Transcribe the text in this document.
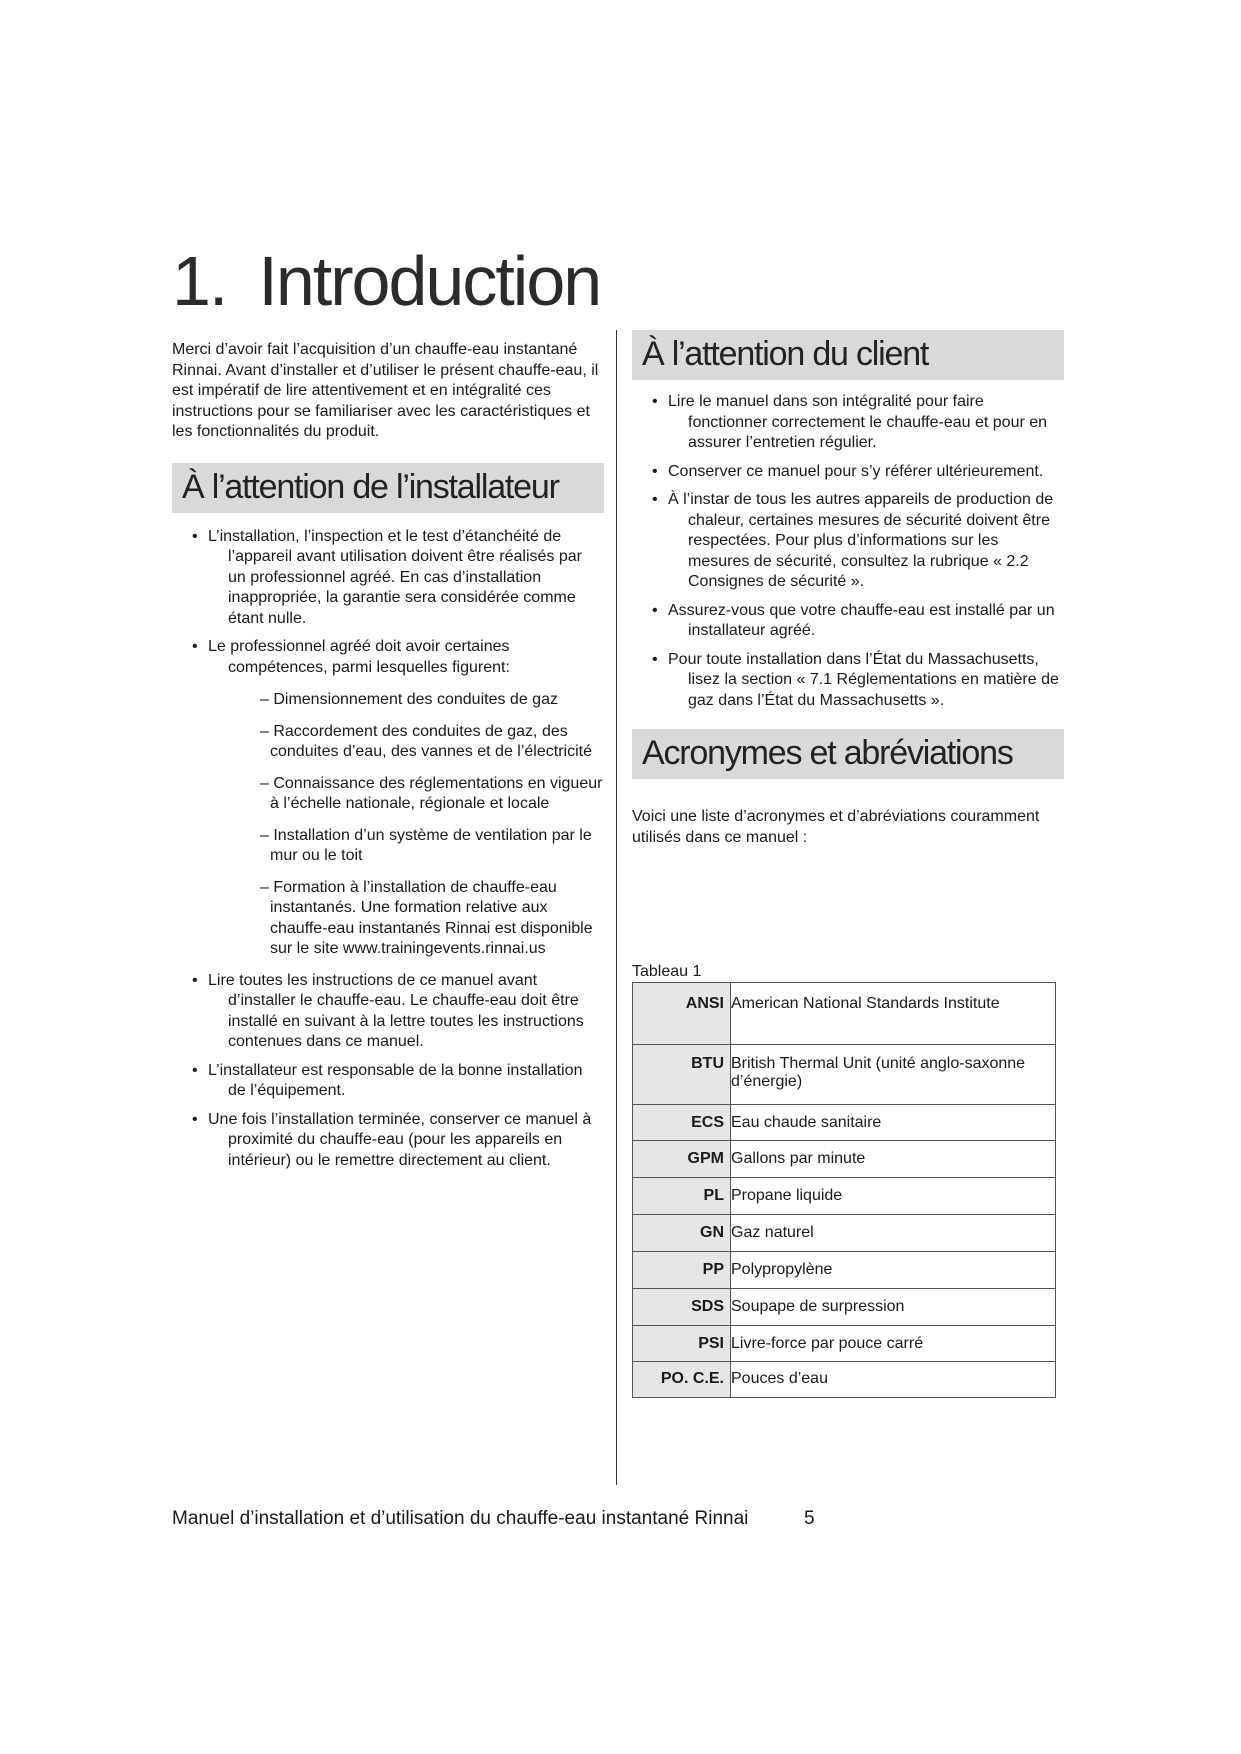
1. Introduction

Merci d’avoir fait l’acquisition d’un chauffe-eau instantané Rinnai. Avant d’installer et d’utiliser le présent chauffe-eau, il est impératif de lire attentivement et en intégralité ces instructions pour se familiariser avec les caractéristiques et les fonctionnalités du produit.

À l’attention de l’installateur
• L’installation, l’inspection et le test d’étanchéité de l’appareil avant utilisation doivent être réalisés par un professionnel agréé. En cas d’installation inappropriée, la garantie sera considérée comme étant nulle.
• Le professionnel agréé doit avoir certaines compétences, parmi lesquelles figurent:
– Dimensionnement des conduites de gaz
– Raccordement des conduites de gaz, des conduites d’eau, des vannes et de l’électricité
– Connaissance des réglementations en vigueur à l’échelle nationale, régionale et locale
– Installation d’un système de ventilation par le mur ou le toit
– Formation à l’installation de chauffe-eau instantanés. Une formation relative aux chauffe-eau instantanés Rinnai est disponible sur le site www.trainingevents.rinnai.us
• Lire toutes les instructions de ce manuel avant d’installer le chauffe-eau. Le chauffe-eau doit être installé en suivant à la lettre toutes les instructions contenues dans ce manuel.
• L’installateur est responsable de la bonne installation de l’équipement.
• Une fois l’installation terminée, conserver ce manuel à proximité du chauffe-eau (pour les appareils en intérieur) ou le remettre directement au client.
À l’attention du client
• Lire le manuel dans son intégralité pour faire fonctionner correctement le chauffe-eau et pour en assurer l’entretien régulier.
• Conserver ce manuel pour s’y référer ultérieurement.
• À l’instar de tous les autres appareils de production de chaleur, certaines mesures de sécurité doivent être respectées. Pour plus d’informations sur les mesures de sécurité, consultez la rubrique « 2.2 Consignes de sécurité ».
• Assurez-vous que votre chauffe-eau est installé par un installateur agréé.
• Pour toute installation dans l’État du Massachusetts, lisez la section « 7.1 Réglementations en matière de gaz dans l’État du Massachusetts ».
Acronymes et abréviations

Voici une liste d’acronymes et d’abréviations couramment utilisés dans ce manuel :

Tableau 1
ANSI	American National Standards Institute
BTU	British Thermal Unit (unité anglo-saxonne d’énergie)
ECS	Eau chaude sanitaire
GPM	Gallons par minute
PL	Propane liquide
GN	Gaz naturel
PP	Polypropylène
SDS	Soupape de surpression
PSI	Livre-force par pouce carré
PO. C.E.	Pouces d’eau
Manuel d’installation et d’utilisation du chauffe-eau instantané Rinnai	5
